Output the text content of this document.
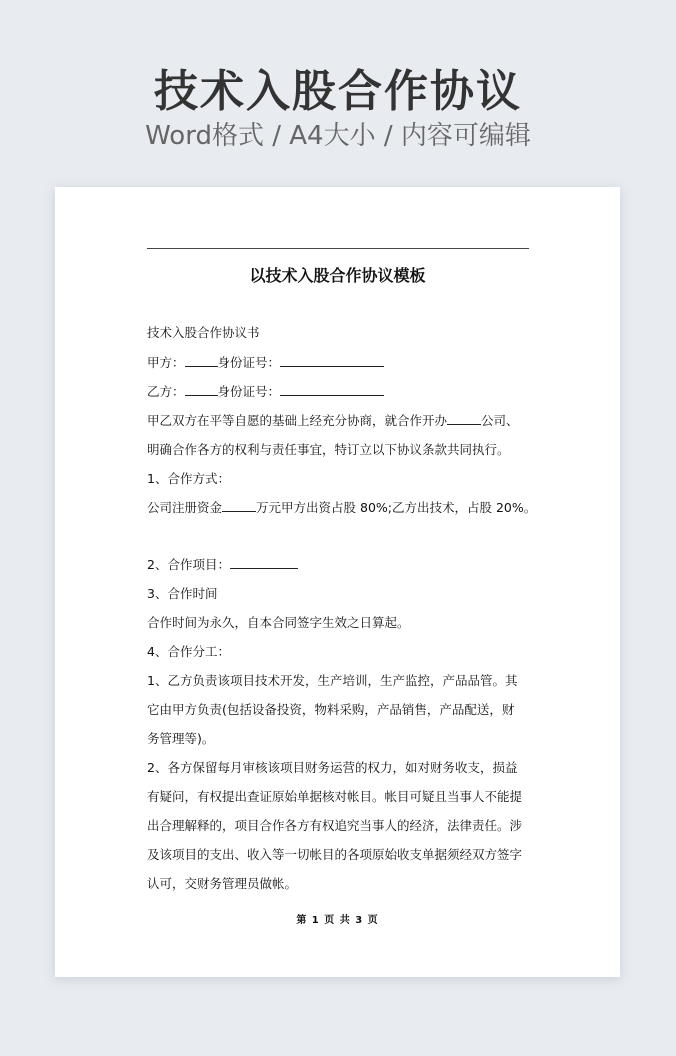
技术入股合作协议
Word格式 / A4大小 / 内容可编辑
以技术入股合作协议模板
技术入股合作协议书
甲方：	身份证号：
乙方：	身份证号：
甲乙双方在平等自愿的基础上经充分协商，就合作开办	公司、
明确合作各方的权利与责任事宜，特订立以下协议条款共同执行。
1、合作方式：
公司注册资金	万元甲方出资占股 80%;乙方出技术，占股 20%。
2、合作项目：
3、合作时间
合作时间为永久，自本合同签字生效之日算起。
4、合作分工：
1、乙方负责该项目技术开发，生产培训，生产监控，产品品管。其
它由甲方负责(包括设备投资，物料采购，产品销售，产品配送，财
务管理等)。
2、各方保留每月审核该项目财务运营的权力，如对财务收支，损益
有疑问，有权提出查证原始单据核对帐目。帐目可疑且当事人不能提
出合理解释的，项目合作各方有权追究当事人的经济，法律责任。涉
及该项目的支出、收入等一切帐目的各项原始收支单据须经双方签字
认可，交财务管理员做帐。
第 1 页 共 3 页
